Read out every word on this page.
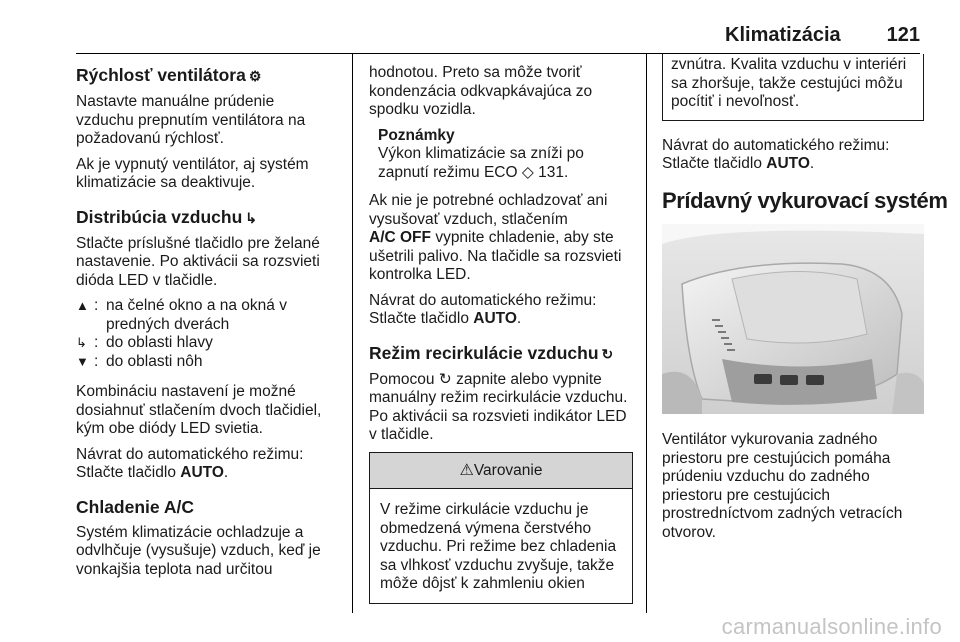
Klimatizácia 121
Rýchlosť ventilátora ⚙

Nastavte manuálne prúdenie vzduchu prepnutím ventilátora na požadovanú rýchlosť.

Ak je vypnutý ventilátor, aj systém klimatizácie sa deaktivuje.

Distribúcia vzduchu ↳

Stlačte príslušné tlačidlo pre želané nastavenie. Po aktivácii sa rozsvieti dióda LED v tlačidle.

▲ : na čelné okno a na okná v predných dverách
↳ : do oblasti hlavy
▼ : do oblasti nôh

Kombináciu nastavení je možné dosiahnuť stlačením dvoch tlačidiel, kým obe diódy LED svietia.

Návrat do automatického režimu:
Stlačte tlačidlo AUTO.

Chladenie A/C

Systém klimatizácie ochladzuje a odvlhčuje (vysušuje) vzduch, keď je vonkajšia teplota nad určitou

hodnotou. Preto sa môže tvoriť kondenzácia odkvapkávajúca zo spodku vozidla.

Poznámky
Výkon klimatizácie sa zníži po zapnutí režimu ECO ◇ 131.

Ak nie je potrebné ochladzovať ani vysušovať vzduch, stlačením
A/C OFF vypnite chladenie, aby ste ušetrili palivo. Na tlačidle sa rozsvieti kontrolka LED.

Návrat do automatického režimu:
Stlačte tlačidlo AUTO.

Režim recirkulácie vzduchu ↻

Pomocou ↻ zapnite alebo vypnite manuálny režim recirkulácie vzduchu. Po aktivácii sa rozsvieti indikátor LED v tlačidle.

⚠Varovanie
V režime cirkulácie vzduchu je obmedzená výmena čerstvého vzduchu. Pri režime bez chladenia sa vlhkosť vzduchu zvyšuje, takže môže dôjsť k zahmleniu okien
zvnútra. Kvalita vzduchu v interiéri sa zhoršuje, takže cestujúci môžu pocítiť i nevoľnosť.

Návrat do automatického režimu:
Stlačte tlačidlo AUTO.

Prídavný vykurovací systém

Ventilátor vykurovania zadného priestoru pre cestujúcich pomáha prúdeniu vzduchu do zadného priestoru pre cestujúcich prostredníctvom zadných vetracích otvorov.

carmanualsonline.info
